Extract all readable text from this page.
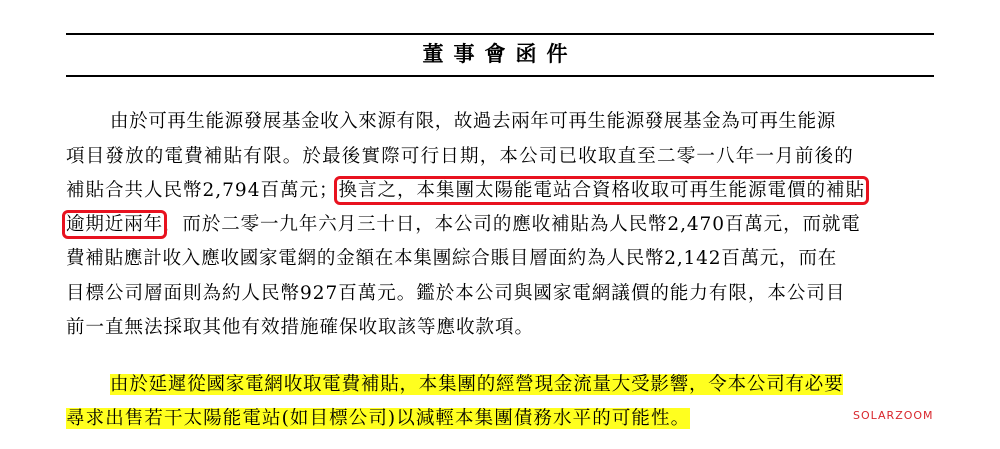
董事會函件
由於可再生能源發展基金收入來源有限，故過去兩年可再生能源發展基金為可再生能源
項目發放的電費補貼有限。於最後實際可行日期，本公司已收取直至二零一八年一月前後的
補貼合共人民幣2,794百萬元；換言之，本集團太陽能電站合資格收取可再生能源電價的補貼
逾期近兩年，而於二零一九年六月三十日，本公司的應收補貼為人民幣2,470百萬元，而就電
費補貼應計收入應收國家電網的金額在本集團綜合賬目層面約為人民幣2,142百萬元，而在
目標公司層面則為約人民幣927百萬元。鑑於本公司與國家電網議價的能力有限，本公司目
前一直無法採取其他有效措施確保收取該等應收款項。
由於延遲從國家電網收取電費補貼，本集團的經營現金流量大受影響，令本公司有必要
尋求出售若干太陽能電站(如目標公司)以減輕本集團債務水平的可能性。	SOLARZOOM
